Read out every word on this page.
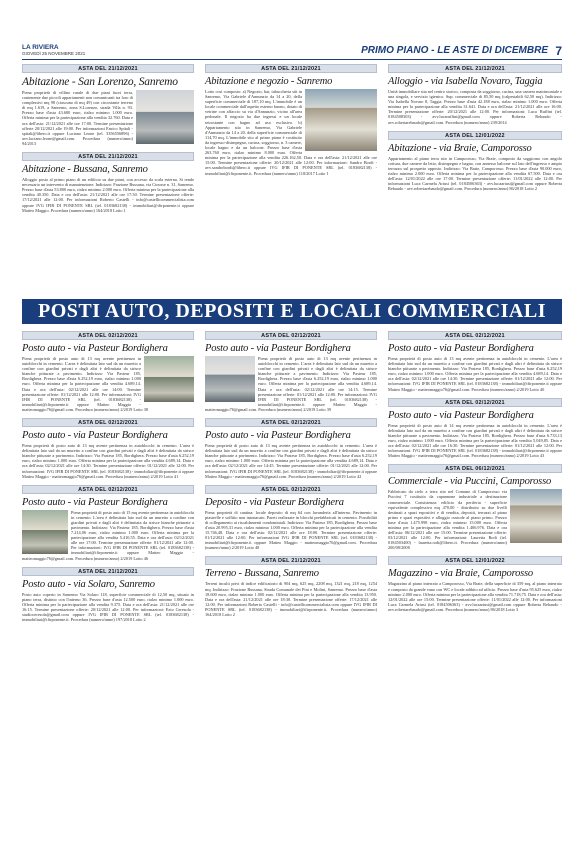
LA RIVIERA
GIOVEDÌ 25 NOVEMBRE 2021	PRIMO PIANO - LE ASTE DI DICEMBRE 7
ASTA DEL 21/12/2021
Abitazione - San Lorenzo, Sanremo
Piena proprietà di villino rurale di due piani fuori terra, contenente due piccoli appartamenti non comunicanti tra loro di complessivi mq 98 (ciascuno di mq 49) con circostante terreno di mq 1.619, a Sanremo, zona S.Lorenzo, strada Villa n. 93. Prezzo base d'asta 43.680 euro, rialzo minimo 1.000 euro. Offerta minima per la partecipazione alla vendita 32.760. Data e ora dell'asta: 21/12/2021 alle ore 17:00. Termine presentazione offerte 20/12/2021 alle 19:00. Per informazioni Enrico Spitali - spitali@libero.it oppure Luciano Leone (tel. 3356556896) - avv.luciano.leone@gmail.com. Procedura (numero/anno) 94/2013
ASTA DEL 21/12/2021
Abitazione - Bussana, Sanremo
Alloggio posto al primo piano di un edificio su due piani, con accesso da scala esterna. Si rende necessario un intervento di manutenzione. Indirizzo: Frazione Bussana, via Ciousse n. 31, Sanremo. Prezzo base d'asta 53.800 euro, rialzo minimo 2.000 euro. Offerta minima per la partecipazione alla vendita 40.350. Data e ora dell'asta: 21/12/2021 alle ore 17:30. Termine presentazione offerte: 17/12/2021 alle 12:00. Per informazioni Roberto Castelli - info@castellicommercialista.com oppure IVG IFIR DI PONENTE SRL (tel. 0183682138) - immobiliari@ifirponente.it oppure Matteo Maggio. Procedura (numero/anno) 164/2018 Lotto 1
ASTA DEL 21/12/2021
Abitazione e negozio - Sanremo
Lotto così composto: a) Negozio, bar, tabaccheria siti in Sanremo, Via Gabriele d'Annunzio da 14 a 20, della superficie commerciale di 187,10 mq. L'immobile è un locale commerciale dall'aspetto esterno buono, dotato di vetrine con affaccio su via d'Annunzio, vicino all'area pedonale. Il negozio ha due ingressi e un locale retrostante con bagno ad uso esclusivo. b) Appartamento sito in Sanremo, Via Gabriele d'Annunzio da 14 a 20, della superficie commerciale di 114,70 mq. L'immobile sito al primo piano è costituito da ingresso-disimpegno, cucina, soggiorno, n. 3 camere, locale bagno e da un balcone. Prezzo base d'asta 263.760 euro, rialzo minimo 8.000 euro. Offerta minima per la partecipazione alla vendita 226.162,50. Data e ora dell'asta: 21/12/2021 alle ore 15:00. Termine presentazione offerte: 20/12/2021 alle 12:00. Per informazioni: Sandro Bordi - avv.sandrobordi@libero.it oppure IVG IFIR DI PONENTE SRL (tel. 0183682138) - immobiliari@ifirponente.it. Procedura (numero/anno) 118/2017 Lotto 1
ASTA DEL 21/12/2021
Alloggio - via Isabella Novaro, Taggia
Unità immobiliare sita nel centro storico, composta da soggiorno, cucina, una camera matrimoniale e una singola, e servizio igienico. Sup. commerciale di 85,50 mq (calpestabili 62,50 mq). Indirizzo: Via Isabella Novaro 8, Taggia. Prezzo base d'asta 42.188 euro, rialzo minimo 1.000 euro. Offerta minima per la partecipazione alla vendita 31.641. Data e ora dell'asta: 21/12/2021 alle ore 16:00. Termine presentazione offerte: 20/12/2021 alle 12:00. Per informazioni: Luca Ruffini (tel. 0184508303) - avv.lucaruffini@gmail.com oppure Roberta Rebaudo - avv.robertarebaudo@gmail.com. Procedura (numero/anno) 239/2014
ASTA DEL 12/01/2022
Abitazione - via Braie, Camporosso
Appartamento al piano terra sito in Camporosso, Via Braie, composto da soggiorno con angolo cottura, due camere da letto, disimpegno e bagno, con annesso balcone sul lato dell'ingresso e ampio terrazzo sul prospetto opposto. Indirizzo: Via Braie, Camporosso. Prezzo base d'asta 90.000 euro, rialzo minimo 2.000 euro. Offerta minima per la partecipazione alla vendita 67.500. Data e ora dell'asta: 12/01/2022 alle ore 17:00. Termine presentazione offerte: 11/01/2022 alle 12:00. Per informazioni Luca Carmela Artusi (tel. 0184506363) - avv.lucaartusi@gmail.com oppure Roberta Rebaudo - avv.robertarebaudo@gmail.com. Procedura (numero/anno) 86/2018 Lotto 2
POSTI AUTO, DEPOSITI E LOCALI COMMERCIALI
ASTA DEL 02/12/2021
Posto auto - via Pasteur Bordighera
Piena proprietà di posto auto di 13 mq avente pertinenza in autoblocchi in cemento. L'area è delimitata lato sud da un muretto a confine con giardini privati e dagli altri è delimitata da strisce bianche pitturate a pavimento. Indirizzo: Via Pasteur 185, Bordighera. Prezzo base d'asta 6.252,19 euro, rialzo minimo 1.000 euro. Offerta minima per la partecipazione alla vendita 4.689,14. Data e ora dell'asta: 02/12/2021 alle ore 14:00. Termine presentazione offerte: 01/12/2021 alle 12:00. Per informazioni: IVG IFIR DI PONENTE SRL (tel. 0183682138) - immobiliari@ifirponente.it oppure Matteo Maggio - matteomaggio76@gmail.com. Procedura (numero/anno) 2/2019 Lotto 38
ASTA DEL 02/12/2021
Posto auto - via Pasteur Bordighera
Piena proprietà di posto auto di 13 mq avente pertinenza in autoblocchi in cemento. L'area è delimitata lato sud da un muretto a confine con giardini privati e dagli altri è delimitata da strisce bianche pitturate a pavimento. Indirizzo: Via Pasteur 185, Bordighera. Prezzo base d'asta 6.252,19 euro, rialzo minimo 1.000 euro. Offerta minima per la partecipazione alla vendita 4.689,14. Data e ora dell'asta: 02/12/2021 alle ore 14:30. Termine presentazione offerte: 01/12/2021 alle 12:00. Per informazioni: IVG IFIR DI PONENTE SRL (tel. 0183682138) - immobiliari@ifirponente.it oppure Matteo Maggio - matteomaggio76@gmail.com. Procedura (numero/anno) 2/2019 Lotto 41
ASTA DEL 02/12/2021
Posto auto - via Pasteur Bordighera
Piena proprietà di posto auto di 15 mq avente pertinenza in autoblocchi in cemento. L'area è delimitata lato sud da un muretto a confine con giardini privati e dagli altri è delimitata da strisce bianche pitturate a pavimento. Indirizzo: Via Pasteur 185, Bordighera. Prezzo base d'asta 7.214,06 euro, rialzo minimo 1.000 euro. Offerta minima per la partecipazione alla vendita 5.410,55. Data e ora dell'asta: 02/12/2021 alle ore 17:00. Termine presentazione offerte: 01/12/2021 alle 12:00. Per informazioni: IVG IFIR DI PONENTE SRL (tel. 0183682138) - immobiliari@ifirponente.it oppure Matteo Maggio - matteomaggio76@gmail.com. Procedura (numero/anno) 2/2019 Lotto 46
ASTA DEL 21/12/2021
Posto auto - via Solaro, Sanremo
Posto auto coperto in Sanremo Via Solaro 118, superficie commerciale di 12,50 mq, situato in piano terra, distinto con l'interno 36. Prezzo base d'asta 12.500 euro, rialzo minimo 1.000 euro. Offerta minima per la partecipazione alla vendita 9.375. Data e ora dell'asta: 21/12/2021 alle ore 16:15. Termine presentazione offerte: 20/12/2021 alle 12:00. Per informazioni: Ezio Ceresola - studioceresola@gmail.com oppure IVG IFIR DI PONENTE SRL (tel. 0183682138) - immobiliari@ifirponente.it. Procedura (numero/anno) 197/2018 Lotto 2
ASTA DEL 02/12/2021
Posto auto - via Pasteur Bordighera
Piena proprietà di posto auto di 13 mq avente pertinenza in autoblocchi in cemento. L'area è delimitata lato sud da un muretto a confine con giardini privati e dagli altri è delimitata da strisce bianche pitturate a pavimento. Indirizzo: Via Pasteur 185, Bordighera. Prezzo base d'asta 6.252,19 euro, rialzo minimo 1.000 euro. Offerta minima per la partecipazione alla vendita 4.689,14. Data e ora dell'asta: 02/12/2021 alle ore 14:15. Termine presentazione offerte: 01/12/2021 alle 12:00. Per informazioni: IVG IFIR DI PONENTE SRL (tel. 0183682138) - immobiliari@ifirponente.it oppure Matteo Maggio - matteomaggio76@gmail.com. Procedura (numero/anno) 2/2019 Lotto 39
ASTA DEL 02/12/2021
Posto auto - via Pasteur Bordighera
Piena proprietà di posto auto di 13 mq avente pertinenza in autoblocchi in cemento. L'area è delimitata lato sud da un muretto a confine con giardini privati e dagli altri è delimitata da strisce bianche pitturate a pavimento. Indirizzo: Via Pasteur 185, Bordighera. Prezzo base d'asta 6.252,19 euro, rialzo minimo 1.000 euro. Offerta minima per la partecipazione alla vendita 4.689,14. Data e ora dell'asta: 02/12/2021 alle ore 14:45. Termine presentazione offerte: 01/12/2021 alle 12:00. Per informazioni: IVG IFIR DI PONENTE SRL (tel. 0183682138) - immobiliari@ifirponente.it oppure Matteo Maggio - matteomaggio76@gmail.com. Procedura (numero/anno) 2/2019 Lotto 42
ASTA DEL 02/12/2021
Deposito - via Pasteur Bordighera
Piena proprietà di cantina: locale deposito di mq 64 con lavanderia all'interno. Pavimento in piastrelle e soffitto non intonacato. Pareti realizzate in blocchi prefabbricati in cemento. Possibilità di collegamento ai riscaldamenti condominiali. Indirizzo: Via Pasteur 185, Bordighera. Prezzo base d'asta 20.995,31 euro, rialzo minimo 1.000 euro. Offerta minima per la partecipazione alla vendita 15.746,48. Data e ora dell'asta: 02/12/2021 alle ore 18:00. Termine presentazione offerte: 01/12/2021 alle 12:00. Per informazioni IVG IFIR DI PONENTE SRL (tel. 0183682138) - immobiliari@ifirponente.it oppure Matteo Maggio - matteomaggio76@gmail.com. Procedura (numero/anno) 2/2019 Lotto 48
ASTA DEL 21/12/2021
Terreno - Bussana, Sanremo
Terreni inculti privi di indice edificatorio di 904 mq, 625 mq, 2208 mq, 1321 mq, 218 mq, 1254 mq. Indirizzo: Frazione Bussana, Strada Comunale dei Pini e Molini, Sanremo. Prezzo base d'asta 18.600 euro, rialzo minimo 1.000 euro. Offerta minima per la partecipazione alla vendita 13.950. Data e ora dell'asta: 21/12/2021 alle ore 18:30. Termine presentazione offerte: 17/12/2021 alle 12:00. Per informazioni Roberto Castelli - info@castellicommercialista.com oppure IVG IFIR DI PONENTE SRL (tel. 0183682138) - immobiliari@ifirponente.it. Procedura (numero/anno) 164/2018 Lotto 2
ASTA DEL 02/12/2021
Posto auto - via Pasteur Bordighera
Piena proprietà di posto auto di 13 mq avente pertinenza in autoblocchi in cemento. L'area è delimitata lato sud da un muretto a confine con giardini privati e dagli altri è delimitata da strisce bianche pitturate a pavimento. Indirizzo: Via Pasteur 185, Bordighera. Prezzo base d'asta 6.252,19 euro, rialzo minimo 1.000 euro. Offerta minima per la partecipazione alla vendita 4.689,14. Data e ora dell'asta: 02/12/2021 alle ore 14:30. Termine presentazione offerte: 01/12/2021 alle 12:00. Per informazioni: IVG IFIR DI PONENTE SRL (tel. 0183682138) - immobiliari@ifirponente.it oppure Matteo Maggio - matteomaggio76@gmail.com. Procedura (numero/anno) 2/2019 Lotto 40
ASTA DEL 02/12/2021
Posto auto - via Pasteur Bordighera
Piena proprietà di posto auto di 14 mq avente pertinenza in autoblocchi in cemento. L'area è delimitata lato sud da un muretto a confine con giardini privati e dagli altri è delimitata da strisce bianche pitturate a pavimento. Indirizzo: Via Pasteur 185, Bordighera. Prezzo base d'asta 6.733,13 euro, rialzo minimo 1.000 euro. Offerta minima per la partecipazione alla vendita 5.049,85. Data e ora dell'asta: 02/12/2021 alle ore 16:30. Termine presentazione offerte: 01/12/2021 alle 12:00. Per informazioni: IVG IFIR DI PONENTE SRL (tel. 0183682138) - immobiliari@ifirponente.it oppure Matteo Maggio - matteomaggio76@gmail.com. Procedura (numero/anno) 2/2019 Lotto 43
ASTA DEL 06/12/2021
Commerciale - via Puccini, Camporosso
Fabbricato da cielo a terra sito nel Comune di Camporosso via Puccini 7 costituito da capannone industriale a destinazione commerciale. Consistenza: edificio da periferia - superficie equivalente complessiva mq 470,00 - distribuito su due livelli destinati a spazi espositivi e di vendita, depositi, terrazzi al piano primo e spazi espositivi e alloggio custode al piano primo. Prezzo base d'asta 1.475.998 euro, rialzo minimo 15.000 euro. Offerta minima per la partecipazione alla vendita 1.406.976. Data e ora dell'asta: 06/12/2021 alle ore 15:00. Termine presentazione offerte: 03/12/2021 alle 12:00. Per informazioni: Lauretta Rodi (tel. 0184503400) - lauretta.rodi@libero.it. Procedura (numero/anno) 200/08/2008
ASTA DEL 12/01/2022
Magazzino - via Braie, Camporosso
Magazzino al piano interrato a Camporosso, Via Braie, della superficie di 359 mq, al piano interrato e composto da grande vano con WC e locale adibito ad ufficio. Prezzo base d'asta 95.625 euro, rialzo minimo 2.000 euro. Offerta minima per la partecipazione alla vendita 71.718,75. Data e ora dell'asta: 12/01/2022 alle ore 15:00. Termine presentazione offerte: 11/01/2022 alle 12:00. Per informazioni Luca Carmela Artusi (tel. 0184506363) - avv.lucaartusi@gmail.com oppure Roberta Rebaudo - avv.robertarebaudo@gmail.com. Procedura (numero/anno) 86/2018 Lotto 3
